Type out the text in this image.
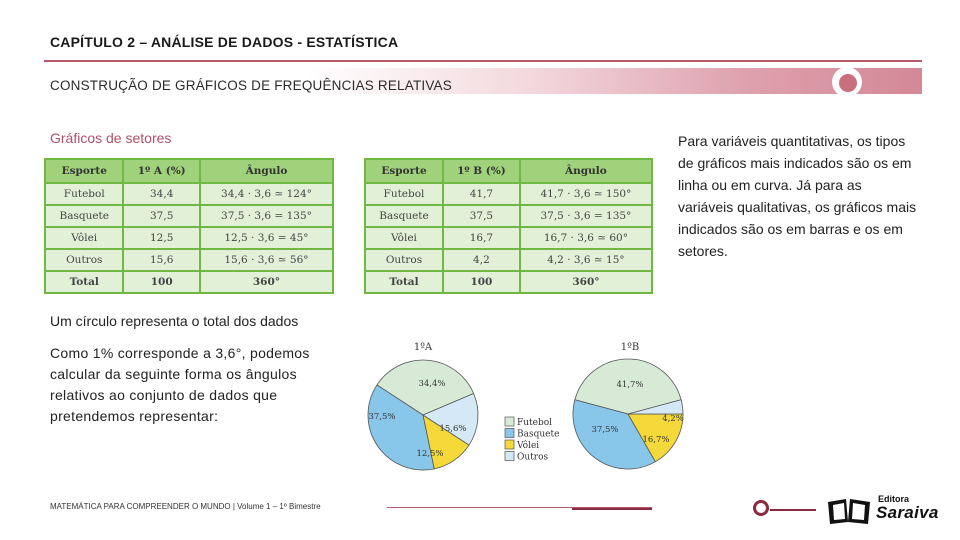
CAPÍTULO 2 – ANÁLISE DE DADOS - ESTATÍSTICA
CONSTRUÇÃO DE GRÁFICOS DE FREQUÊNCIAS RELATIVAS
Gráficos de setores
Esporte	1º A (%)	Ângulo
Futebol	34,4	34,4 · 3,6 ≃ 124°
Basquete	37,5	37,5 · 3,6 = 135°
Vôlei	12,5	12,5 · 3,6 = 45°
Outros	15,6	15,6 · 3,6 ≃ 56°
Total	100	360°
Esporte	1º B (%)	Ângulo
Futebol	41,7	41,7 · 3,6 ≃ 150°
Basquete	37,5	37,5 · 3,6 = 135°
Vôlei	16,7	16,7 · 3,6 ≃ 60°
Outros	4,2	4,2 · 3,6 ≃ 15°
Total	100	360°
Para variáveis quantitativas, os tipos de gráficos mais indicados são os em linha ou em curva. Já para as variáveis qualitativas, os gráficos mais indicados são os em barras e os em setores.
Um círculo representa o total dos dados
Como 1% corresponde a 3,6°, podemos calcular da seguinte forma os ângulos relativos ao conjunto de dados que pretendemos representar:
1ºA
34,4%
37,5%
12,5%
15,6%
1ºB
41,7%
37,5%
16,7%
4,2%
Futebol
Basquete
Vôlei
Outros
MATEMÁTICA PARA COMPREENDER O MUNDO | Volume 1 – 1º Bimestre
Editora
Saraiva
